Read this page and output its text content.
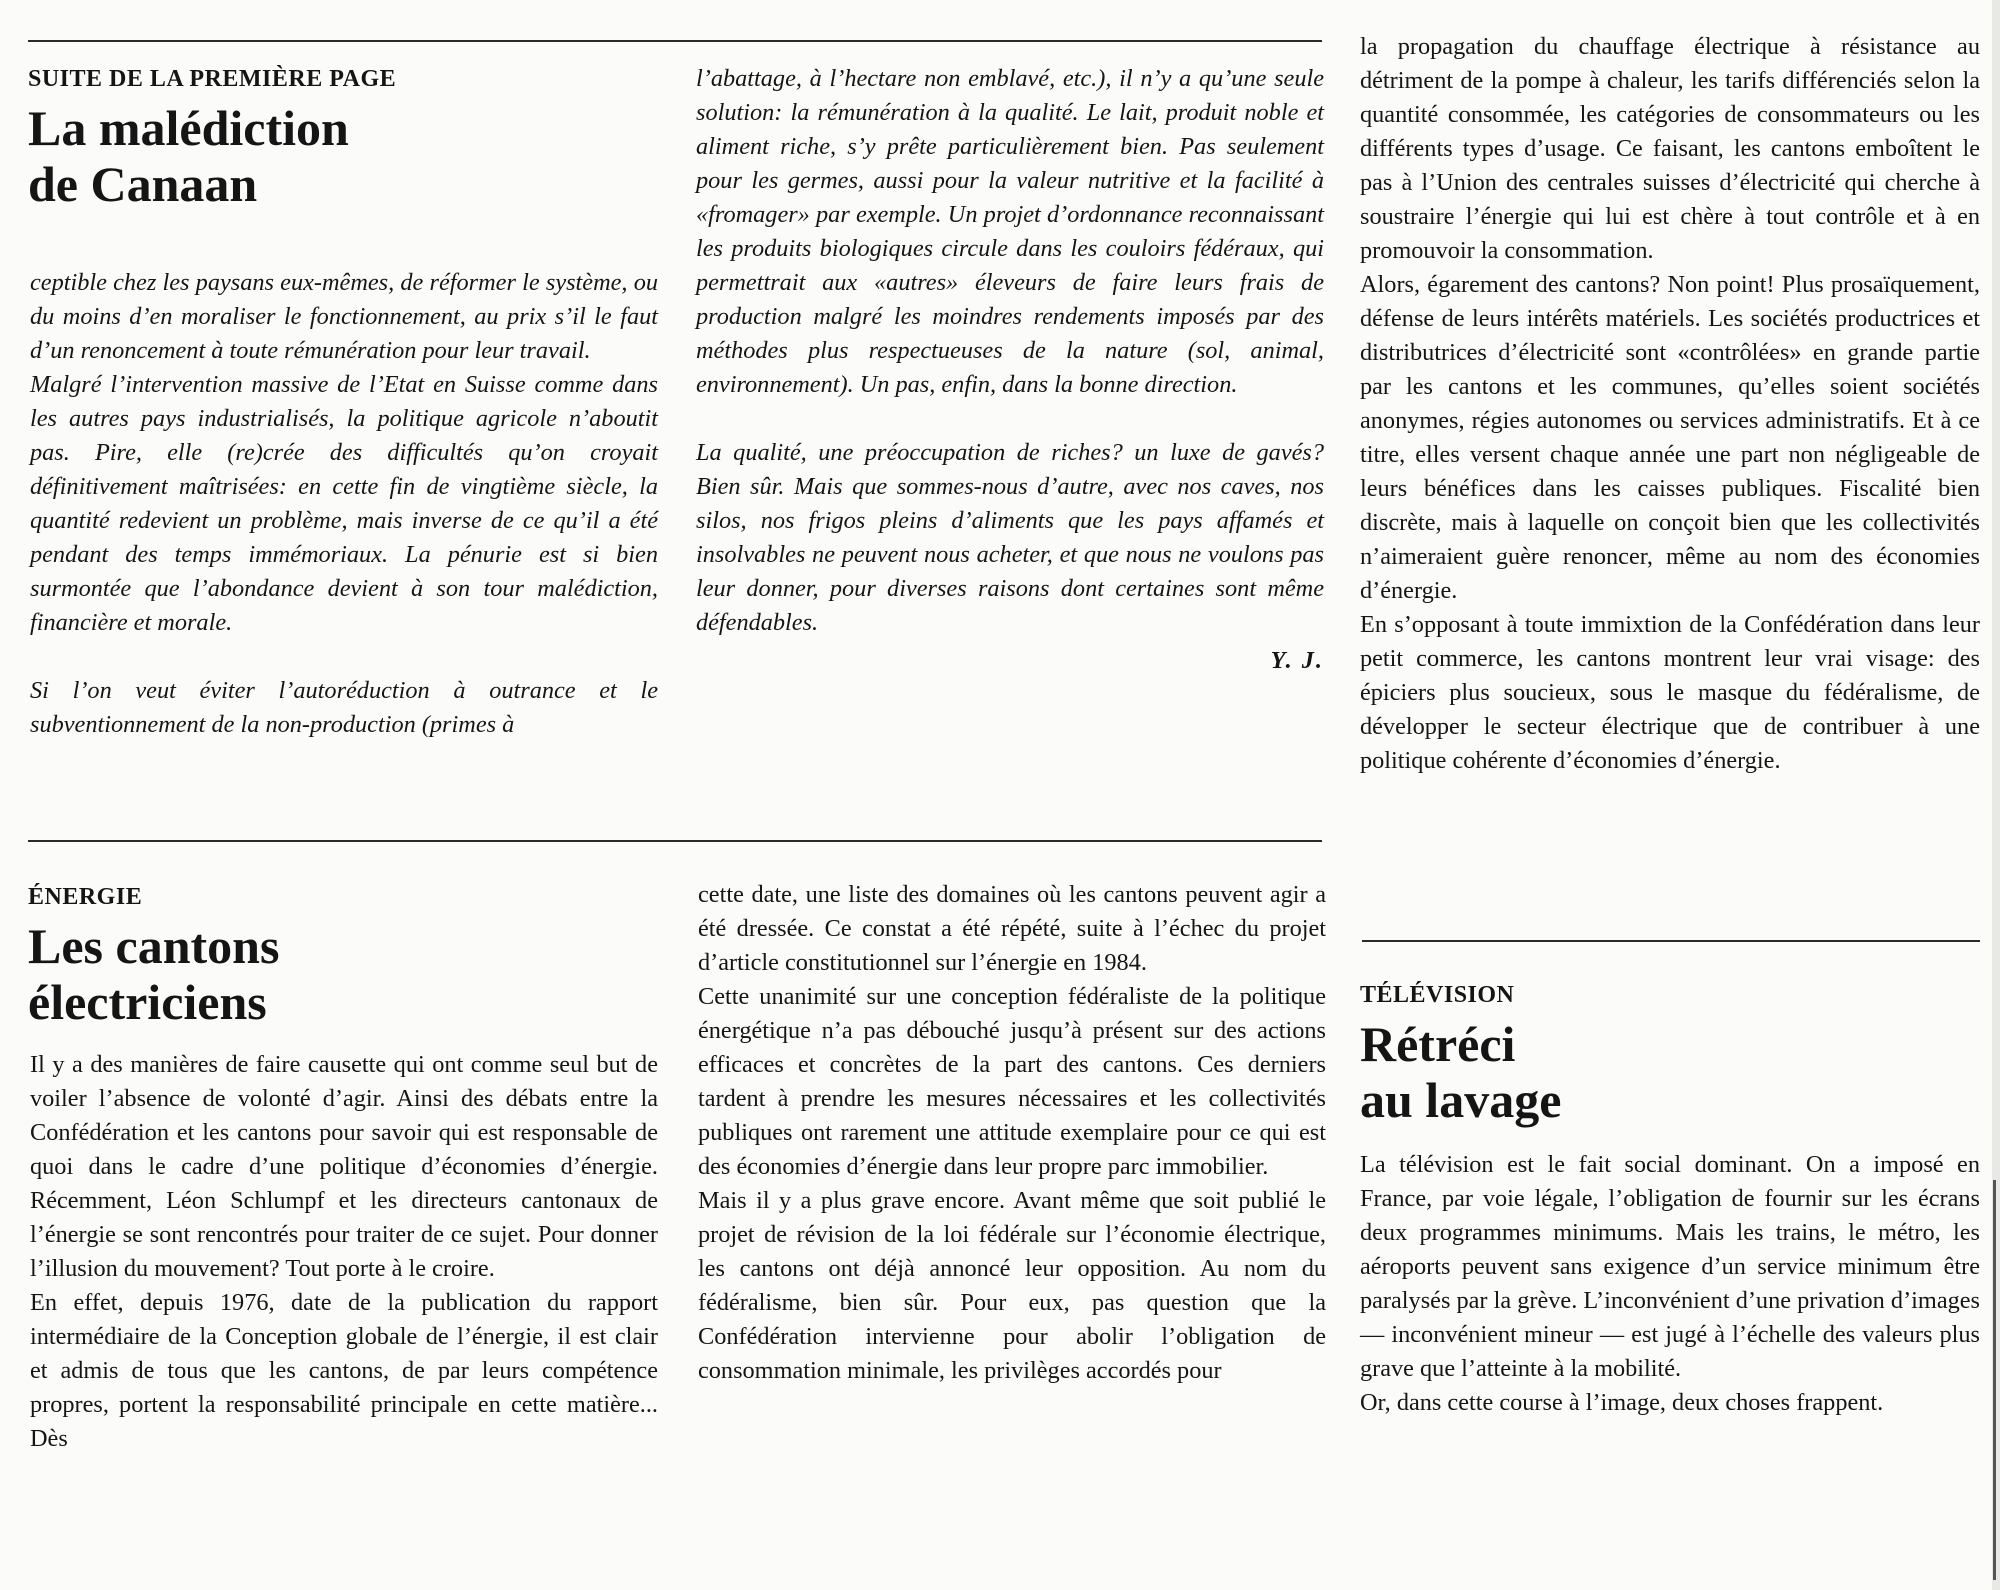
SUITE DE LA PREMIÈRE PAGE

La malédiction
de Canaan

ceptible chez les paysans eux-mêmes, de réformer le système, ou du moins d’en moraliser le fonctionnement, au prix s’il le faut d’un renoncement à toute rémunération pour leur travail.

Malgré l’intervention massive de l’Etat en Suisse comme dans les autres pays industrialisés, la politique agricole n’aboutit pas. Pire, elle (re)crée des difficultés qu’on croyait définitivement maîtrisées: en cette fin de vingtième siècle, la quantité redevient un problème, mais inverse de ce qu’il a été pendant des temps immémoriaux. La pénurie est si bien surmontée que l’abondance devient à son tour malédiction, financière et morale.

Si l’on veut éviter l’autoréduction à outrance et le subventionnement de la non-production (primes à

l’abattage, à l’hectare non emblavé, etc.), il n’y a qu’une seule solution: la rémunération à la qualité. Le lait, produit noble et aliment riche, s’y prête particulièrement bien. Pas seulement pour les germes, aussi pour la valeur nutritive et la facilité à «fromager» par exemple. Un projet d’ordonnance reconnaissant les produits biologiques circule dans les couloirs fédéraux, qui permettrait aux «autres» éleveurs de faire leurs frais de production malgré les moindres rendements imposés par des méthodes plus respectueuses de la nature (sol, animal, environnement). Un pas, enfin, dans la bonne direction.

La qualité, une préoccupation de riches? un luxe de gavés? Bien sûr. Mais que sommes-nous d’autre, avec nos caves, nos silos, nos frigos pleins d’aliments que les pays affamés et insolvables ne peuvent nous acheter, et que nous ne voulons pas leur donner, pour diverses raisons dont certaines sont même défendables.

Y. J.

ÉNERGIE

Les cantons
électriciens

Il y a des manières de faire causette qui ont comme seul but de voiler l’absence de volonté d’agir. Ainsi des débats entre la Confédération et les cantons pour savoir qui est responsable de quoi dans le cadre d’une politique d’économies d’énergie. Récemment, Léon Schlumpf et les directeurs cantonaux de l’énergie se sont rencontrés pour traiter de ce sujet. Pour donner l’illusion du mouvement? Tout porte à le croire.

En effet, depuis 1976, date de la publication du rapport intermédiaire de la Conception globale de l’énergie, il est clair et admis de tous que les cantons, de par leurs compétence propres, portent la responsabilité principale en cette matière... Dès

cette date, une liste des domaines où les cantons peuvent agir a été dressée. Ce constat a été répété, suite à l’échec du projet d’article constitutionnel sur l’énergie en 1984.

Cette unanimité sur une conception fédéraliste de la politique énergétique n’a pas débouché jusqu’à présent sur des actions efficaces et concrètes de la part des cantons. Ces derniers tardent à prendre les mesures nécessaires et les collectivités publiques ont rarement une attitude exemplaire pour ce qui est des économies d’énergie dans leur propre parc immobilier.

Mais il y a plus grave encore. Avant même que soit publié le projet de révision de la loi fédérale sur l’économie électrique, les cantons ont déjà annoncé leur opposition. Au nom du fédéralisme, bien sûr. Pour eux, pas question que la Confédération intervienne pour abolir l’obligation de consommation minimale, les privilèges accordés pour

la propagation du chauffage électrique à résistance au détriment de la pompe à chaleur, les tarifs différenciés selon la quantité consommée, les catégories de consommateurs ou les différents types d’usage. Ce faisant, les cantons emboîtent le pas à l’Union des centrales suisses d’électricité qui cherche à soustraire l’énergie qui lui est chère à tout contrôle et à en promouvoir la consommation.

Alors, égarement des cantons? Non point! Plus prosaïquement, défense de leurs intérêts matériels. Les sociétés productrices et distributrices d’électricité sont «contrôlées» en grande partie par les cantons et les communes, qu’elles soient sociétés anonymes, régies autonomes ou services administratifs. Et à ce titre, elles versent chaque année une part non négligeable de leurs bénéfices dans les caisses publiques. Fiscalité bien discrète, mais à laquelle on conçoit bien que les collectivités n’aimeraient guère renoncer, même au nom des économies d’énergie.

En s’opposant à toute immixtion de la Confédération dans leur petit commerce, les cantons montrent leur vrai visage: des épiciers plus soucieux, sous le masque du fédéralisme, de développer le secteur électrique que de contribuer à une politique cohérente d’économies d’énergie.

TÉLÉVISION

Rétréci
au lavage

La télévision est le fait social dominant. On a imposé en France, par voie légale, l’obligation de fournir sur les écrans deux programmes minimums. Mais les trains, le métro, les aéroports peuvent sans exigence d’un service minimum être paralysés par la grève. L’inconvénient d’une privation d’images — inconvénient mineur — est jugé à l’échelle des valeurs plus grave que l’atteinte à la mobilité.

Or, dans cette course à l’image, deux choses frappent.
